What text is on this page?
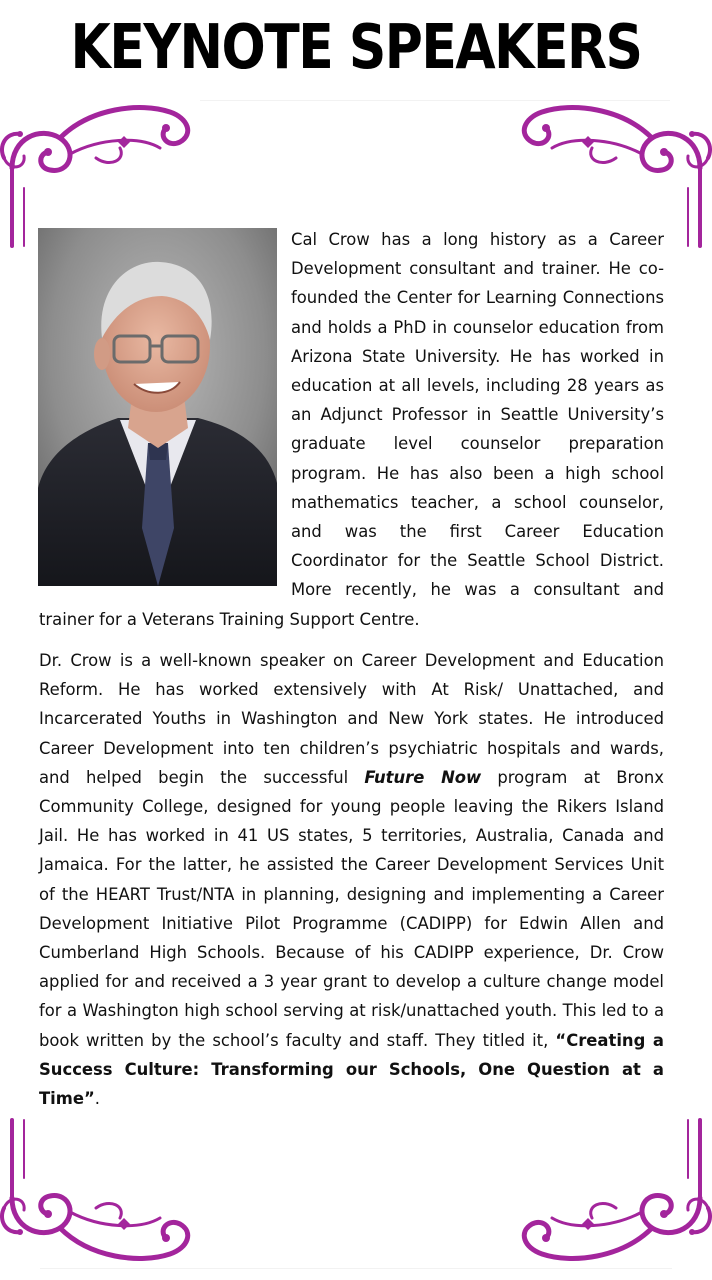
KEYNOTE SPEAKERS

Cal Crow has a long history as a Career Development consultant and trainer. He co-founded the Center for Learning Connections and holds a PhD in counselor education from Arizona State University. He has worked in education at all levels, including 28 years as an Adjunct Professor in Seattle University’s graduate level counselor preparation program. He has also been a high school mathematics teacher, a school counselor, and was the first Career Education Coordinator for the Seattle School District. More recently, he was a consultant and trainer for a Veterans Training Support Centre.

Dr. Crow is a well-known speaker on Career Development and Education Reform. He has worked extensively with At Risk/ Unattached, and Incarcerated Youths in Washington and New York states. He introduced Career Development into ten children’s psychiatric hospitals and wards, and helped begin the successful Future Now program at Bronx Community College, designed for young people leaving the Rikers Island Jail. He has worked in 41 US states, 5 territories, Australia, Canada and Jamaica. For the latter, he assisted the Career Development Services Unit of the HEART Trust/NTA in planning, designing and implementing a Career Development Initiative Pilot Programme (CADIPP) for Edwin Allen and Cumberland High Schools. Because of his CADIPP experience, Dr. Crow applied for and received a 3 year grant to develop a culture change model for a Washington high school serving at risk/unattached youth. This led to a book written by the school’s faculty and staff. They titled it, “Creating a Success Culture: Transforming our Schools, One Question at a Time”.
